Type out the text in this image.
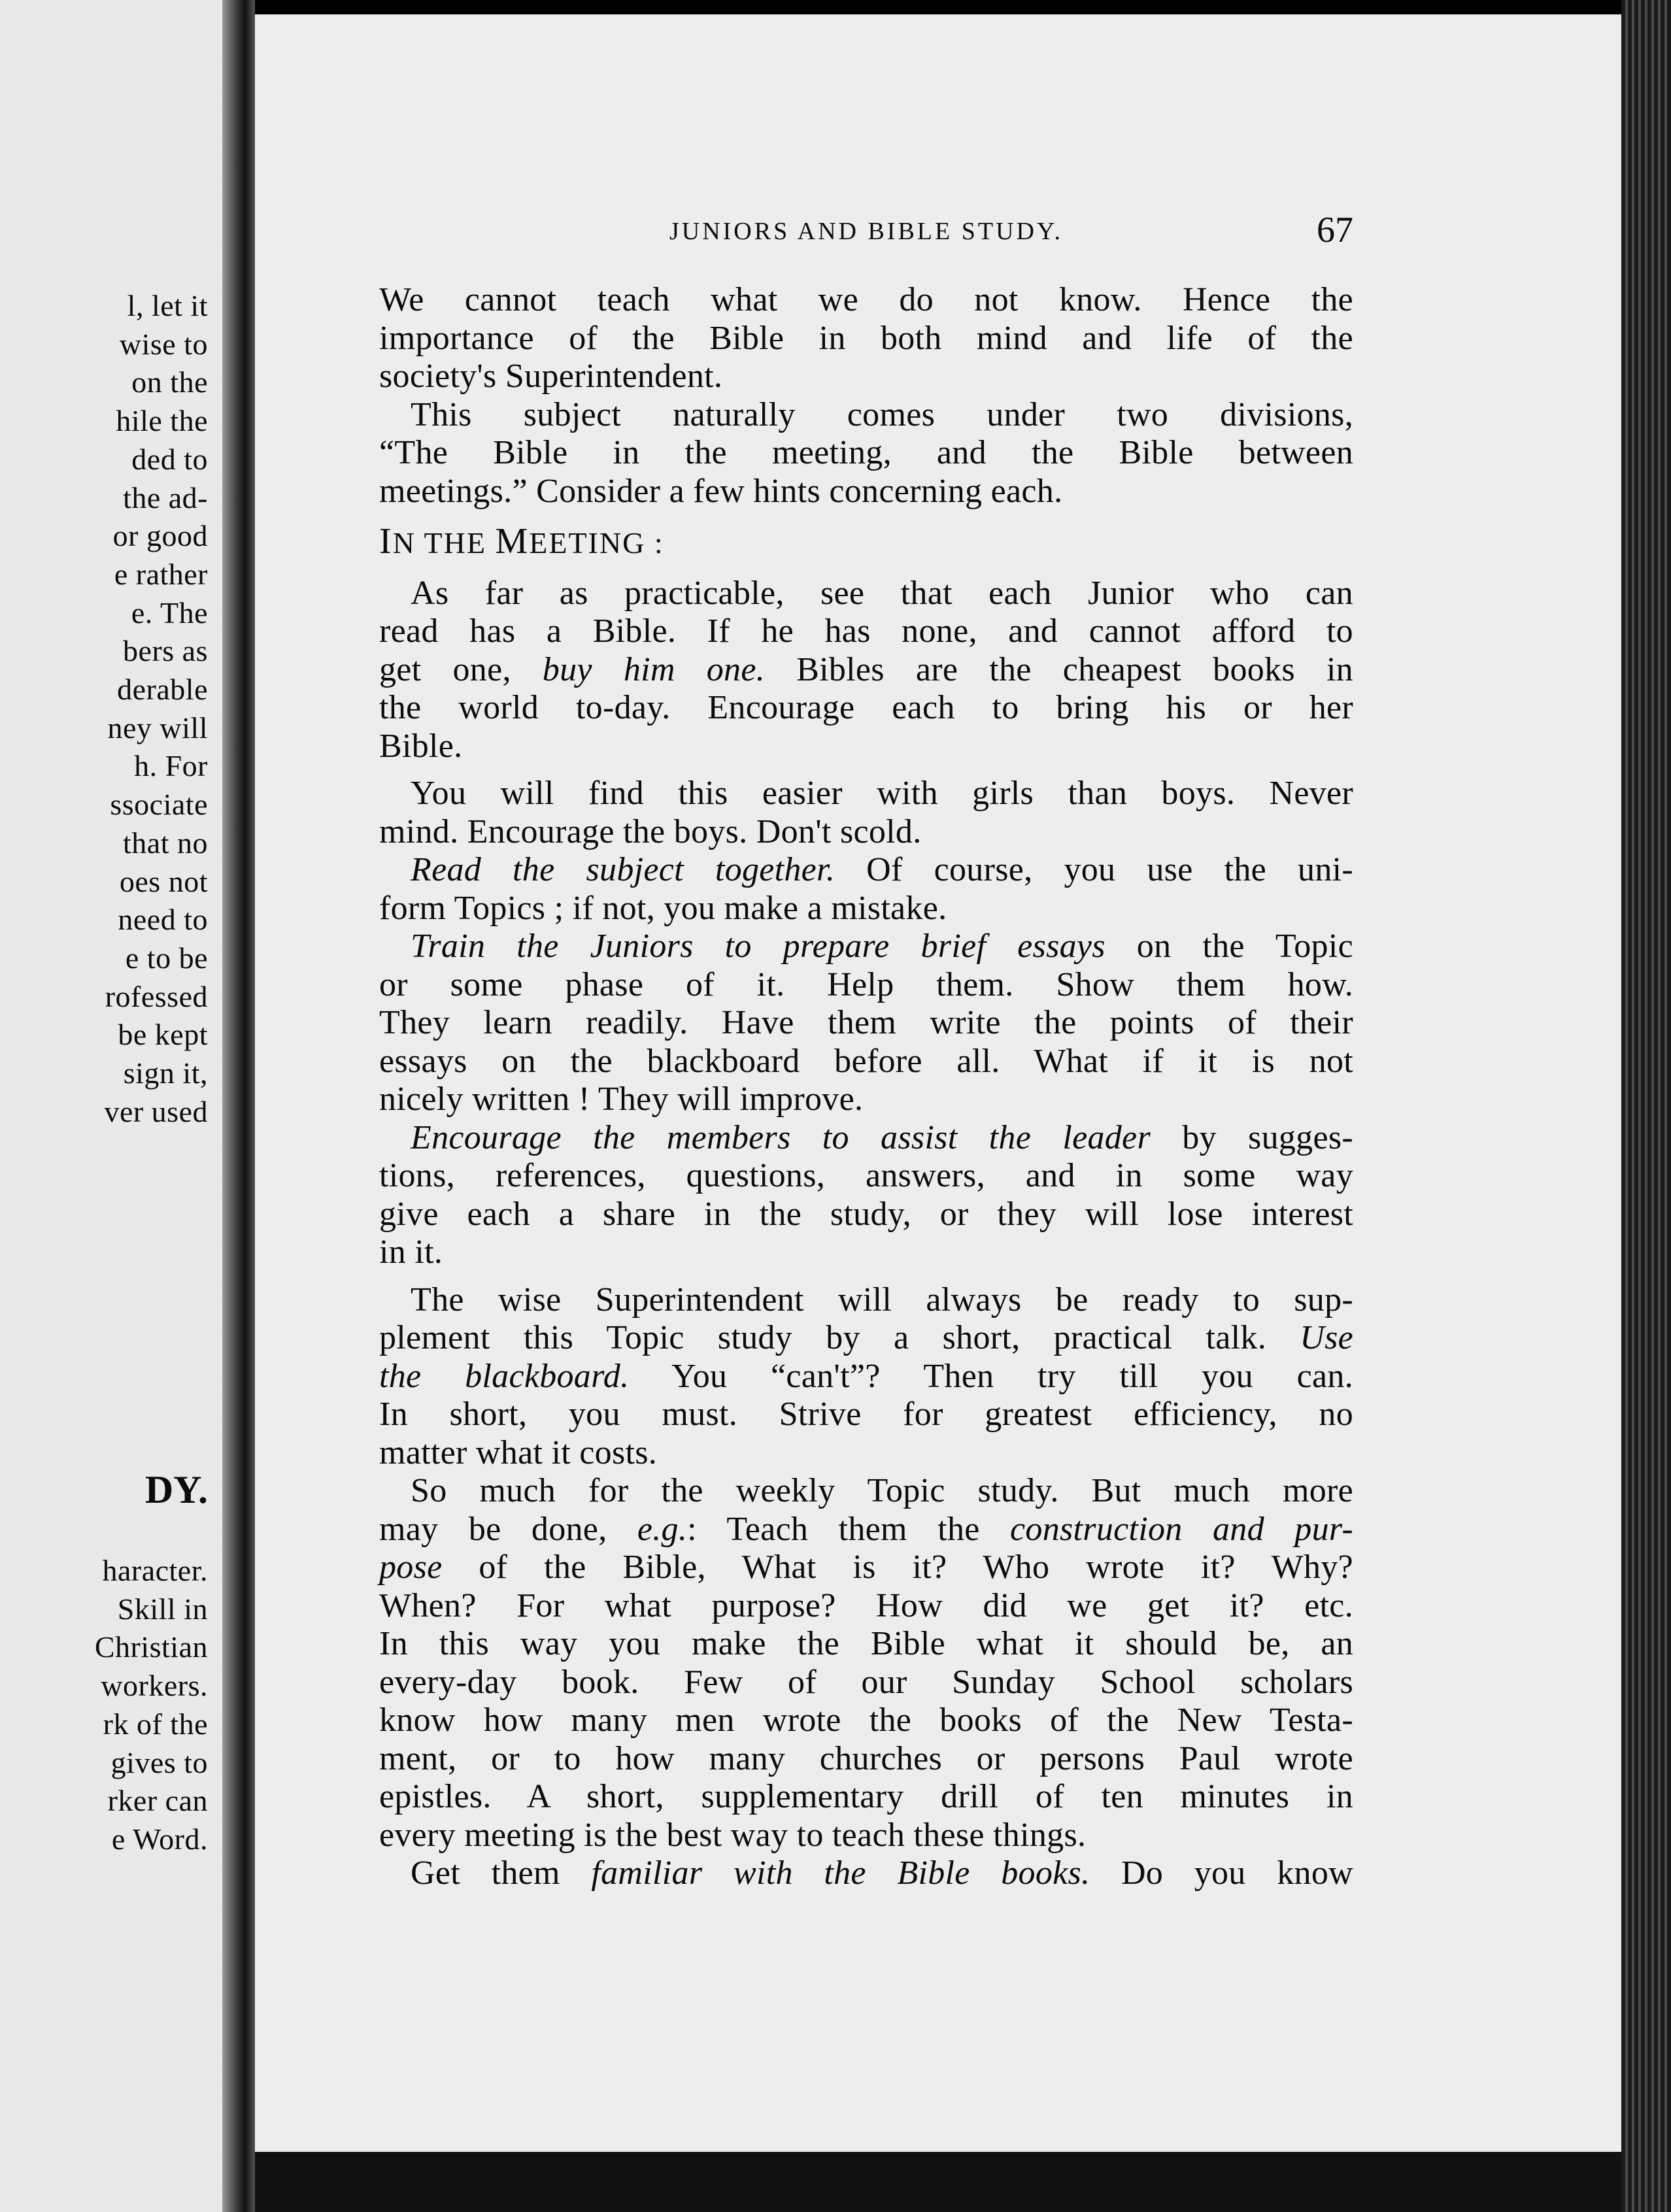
l, let it
wise to
on the
hile the
ded to
the ad-
or good
e rather
e. The
bers as
derable
ney will
h. For
ssociate
that no
oes not
need to
e to be
rofessed
be kept
sign it,
ver used
DY.
haracter.
Skill in
Christian
workers.
rk of the
gives to
rker can
e Word.
JUNIORS AND BIBLE STUDY.	67
We cannot teach what we do not know. Hence the
importance of the Bible in both mind and life of the
society's Superintendent.
This subject naturally comes under two divisions,
“The Bible in the meeting, and the Bible between
meetings.” Consider a few hints concerning each.
IN THE MEETING :
As far as practicable, see that each Junior who can
read has a Bible. If he has none, and cannot afford to
get one, buy him one. Bibles are the cheapest books in
the world to-day. Encourage each to bring his or her
Bible.
You will find this easier with girls than boys. Never
mind. Encourage the boys. Don't scold.
Read the subject together. Of course, you use the uni-
form Topics ; if not, you make a mistake.
Train the Juniors to prepare brief essays on the Topic
or some phase of it. Help them. Show them how.
They learn readily. Have them write the points of their
essays on the blackboard before all. What if it is not
nicely written ! They will improve.
Encourage the members to assist the leader by sugges-
tions, references, questions, answers, and in some way
give each a share in the study, or they will lose interest
in it.
The wise Superintendent will always be ready to sup-
plement this Topic study by a short, practical talk. Use
the blackboard. You “can't”? Then try till you can.
In short, you must. Strive for greatest efficiency, no
matter what it costs.
So much for the weekly Topic study. But much more
may be done, e.g.: Teach them the construction and pur-
pose of the Bible, What is it? Who wrote it? Why?
When? For what purpose? How did we get it? etc.
In this way you make the Bible what it should be, an
every-day book. Few of our Sunday School scholars
know how many men wrote the books of the New Testa-
ment, or to how many churches or persons Paul wrote
epistles. A short, supplementary drill of ten minutes in
every meeting is the best way to teach these things.
Get them familiar with the Bible books. Do you know
